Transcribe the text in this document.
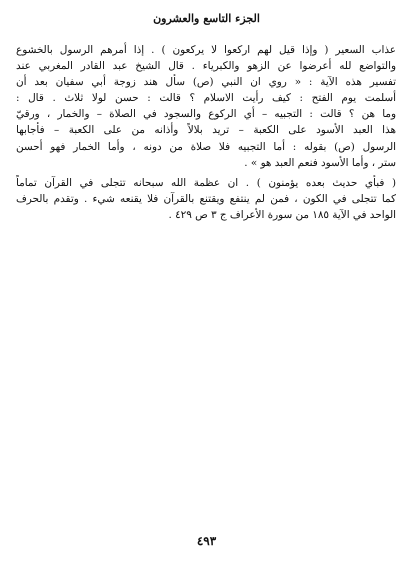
الجزء التاسع والعشرون
عذاب السعير ( وإذا قيل لهم اركعوا لا يركعون ) . إذا أمرهم الرسول بالخشوع
والتواضع لله أعرضوا عن الزهو والكبرياء . قال الشيخ عبد القادر المغربي عند
تفسير هذه الآية : « روي ان النبي (ص) سأل هند زوجة أبي سفيان بعد أن
أسلمت يوم الفتح : كيف رأيت الاسلام ؟ قالت : حسن لولا ثلاث . قال :
وما هن ؟ قالت : التجبيه – أي الركوع والسجود في الصلاة – والخمار ، ورقيّ
هذا العبد الأسود على الكعبة – تريد بلالاً وأذانه من على الكعبة – فأجابها
الرسول (ص) بقوله : أما التجبيه فلا صلاة من دونه ، وأما الخمار فهو أحسن
ستر ، وأما الأسود فنعم العبد هو » .
( فبأي حديث بعده يؤمنون ) . ان عظمة الله سبحانه تتجلى في القرآن تماماً
كما تتجلى في الكون ، فمن لم ينتفع ويقتنع بالقرآن فلا يقنعه شيء . وتقدم بالحرف
الواحد في الآية ١٨٥ من سورة الأعراف ج ٣ ص ٤٢٩ .
٤٩٣
